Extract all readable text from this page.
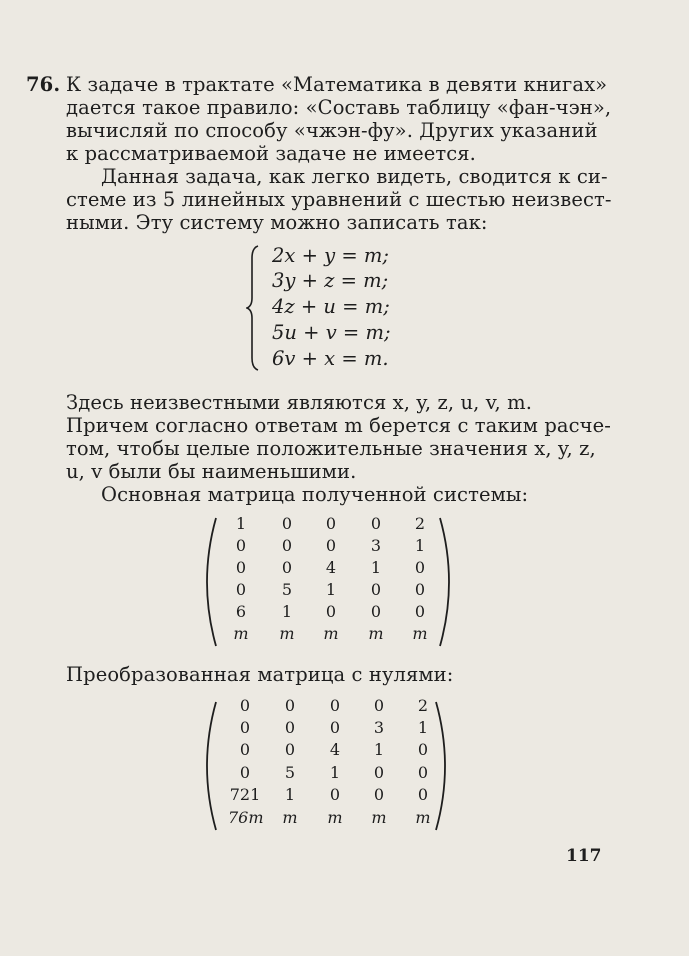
76. К задаче в трактате «Математика в девяти книгах»
дается такое правило: «Составь таблицу «фан-чэн»,
вычисляй по способу «чжэн-фу». Других указаний
к рассматриваемой задаче не имеется.
Данная задача, как легко видеть, сводится к си-
стеме из 5 линейных уравнений с шестью неизвест-
ными. Эту систему можно записать так:
2x + y = m;
3y + z = m;
4z + u = m;
5u + v = m;
6v + x = m.
Здесь неизвестными являются x, y, z, u, v, m.
Причем согласно ответам m берется с таким расче-
том, чтобы целые положительные значения x, y, z,
u, v были бы наименьшими.
Основная матрица полученной системы:
1	0	0	0	2
0	0	0	3	1
0	0	4	1	0
0	5	1	0	0
6	1	0	0	0
m	m	m	m	m
Преобразованная матрица с нулями:
0	0	0	0	2
0	0	0	3	1
0	0	4	1	0
0	5	1	0	0
721	1	0	0	0
76m	m	m	m	m
117
